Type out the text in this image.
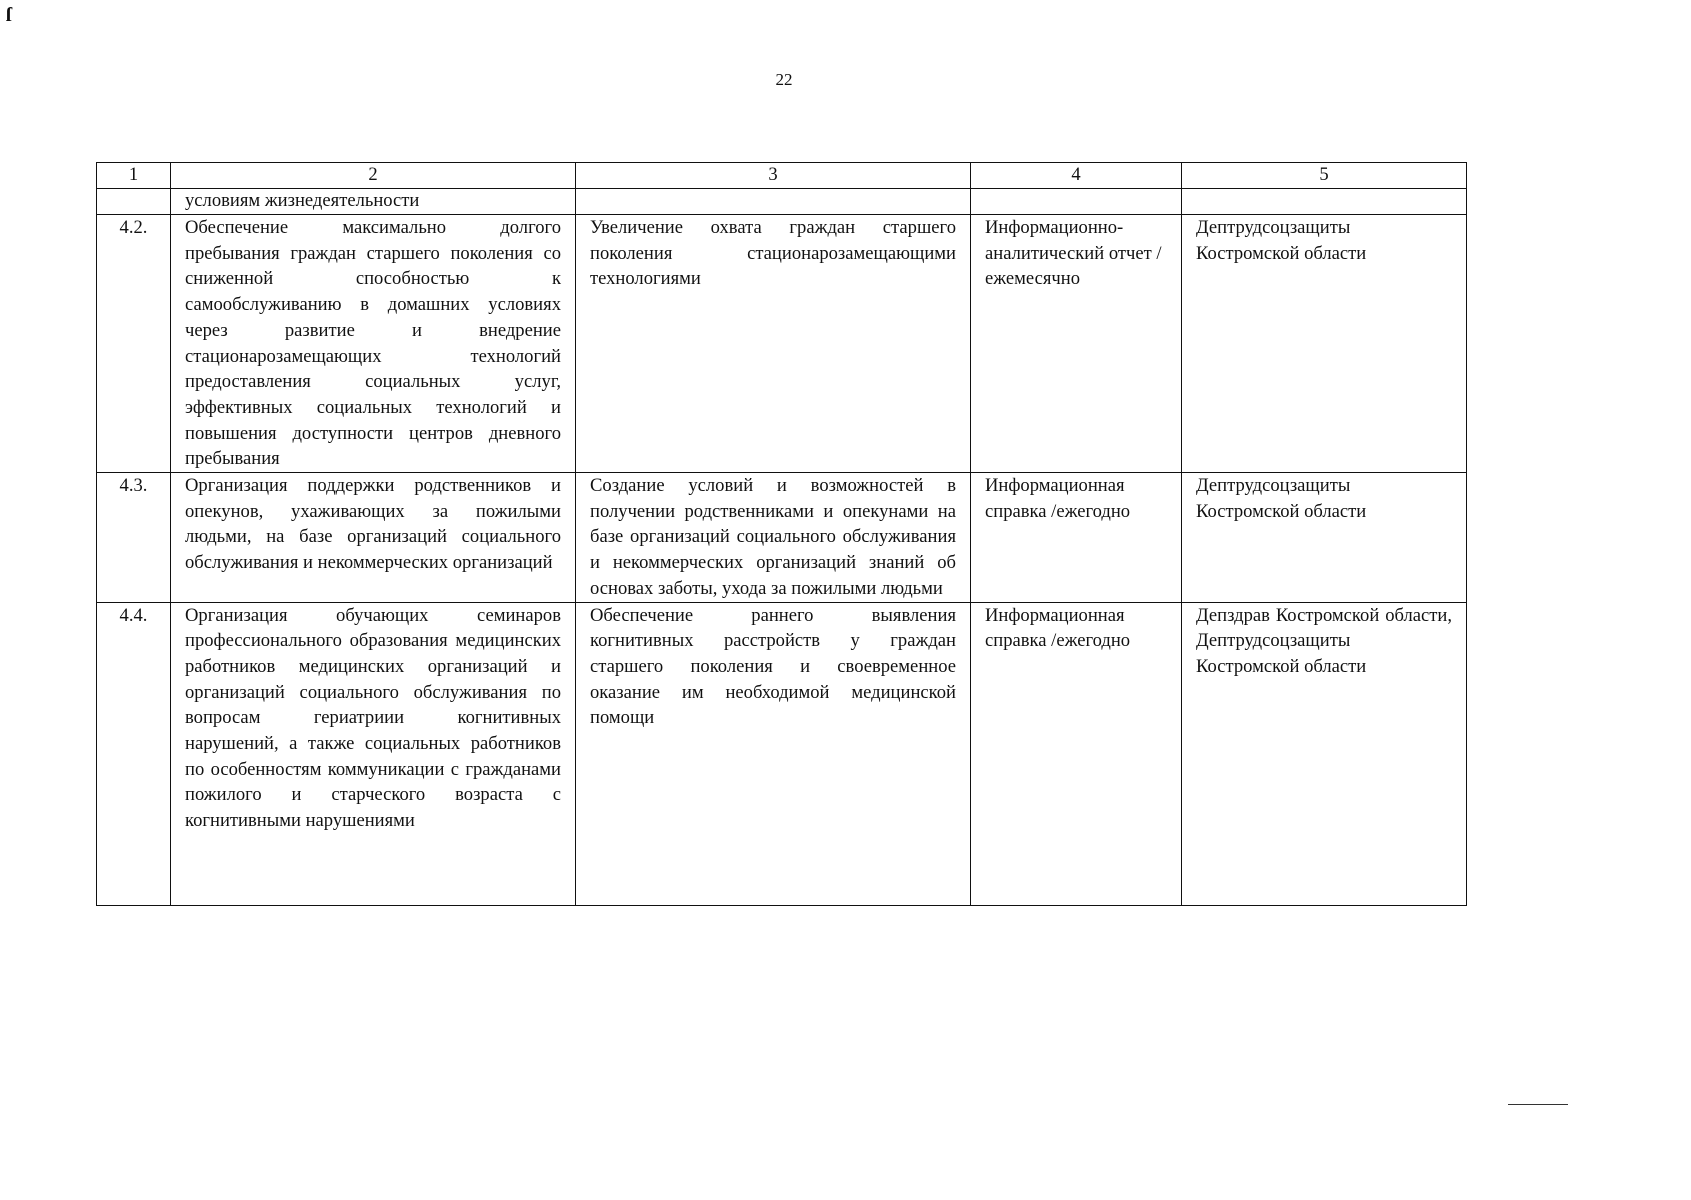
ſ
22
1	2	3	4	5
	условиям жизнедеятельности			
4.2.	Обеспечение максимально долгого пребывания граждан старшего поколения со сниженной способностью к самообслуживанию в домашних условиях через развитие и внедрение стационарозамещающих технологий предоставления социальных услуг, эффективных социальных технологий и повышения доступности центров дневного пребывания	Увеличение охвата граждан старшего поколения стационарозамещающими технологиями	Информационно-аналитический отчет /ежемесячно	Дептрудсоцзащиты Костромской области
4.3.	Организация поддержки родственников и опекунов, ухаживающих за пожилыми людьми, на базе организаций социального обслуживания и некоммерческих организаций	Создание условий и возможностей в получении родственниками и опекунами на базе организаций социального обслуживания и некоммерческих организаций знаний об основах заботы, ухода за пожилыми людьми	Информационная справка /ежегодно	Дептрудсоцзащиты Костромской области
4.4.	Организация обучающих семинаров профессионального образования медицинских работников медицинских организаций и организаций социального обслуживания по вопросам гериатриии когнитивных нарушений, а также социальных работников по особенностям коммуникации с гражданами пожилого и старческого возраста с когнитивными нарушениями	Обеспечение раннего выявления когнитивных расстройств у граждан старшего поколения и своевременное оказание им необходимой медицинской помощи	Информационная справка /ежегодно	Депздрав Костромской области, Дептрудсоцзащиты Костромской области
